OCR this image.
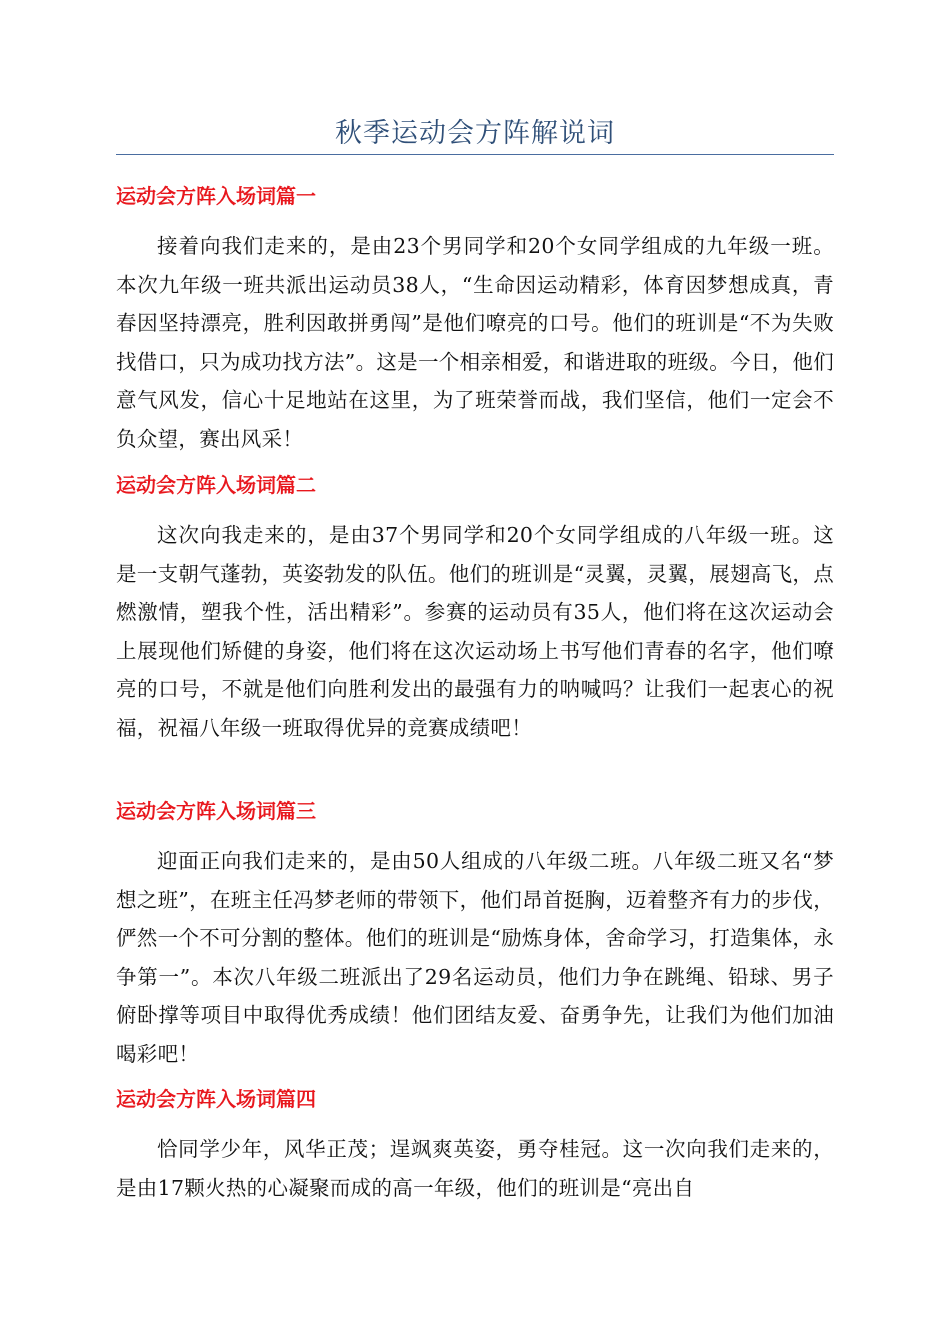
秋季运动会方阵解说词
运动会方阵入场词篇一

接着向我们走来的，是由23个男同学和20个女同学组成的九年级一班。本次九年级一班共派出运动员38人，“生命因运动精彩，体育因梦想成真，青春因坚持漂亮，胜利因敢拼勇闯”是他们嘹亮的口号。他们的班训是“不为失败找借口，只为成功找方法”。这是一个相亲相爱，和谐进取的班级。今日，他们意气风发，信心十足地站在这里，为了班荣誉而战，我们坚信，他们一定会不负众望，赛出风采！

运动会方阵入场词篇二

这次向我走来的，是由37个男同学和20个女同学组成的八年级一班。这是一支朝气蓬勃，英姿勃发的队伍。他们的班训是“灵翼，灵翼，展翅高飞，点燃激情，塑我个性，活出精彩”。参赛的运动员有35人，他们将在这次运动会上展现他们矫健的身姿，他们将在这次运动场上书写他们青春的名字，他们嘹亮的口号，不就是他们向胜利发出的最强有力的呐喊吗？让我们一起衷心的祝福，祝福八年级一班取得优异的竞赛成绩吧！

运动会方阵入场词篇三

迎面正向我们走来的，是由50人组成的八年级二班。八年级二班又名“梦想之班”，在班主任冯梦老师的带领下，他们昂首挺胸，迈着整齐有力的步伐，俨然一个不可分割的整体。他们的班训是“励炼身体，舍命学习，打造集体，永争第一”。本次八年级二班派出了29名运动员，他们力争在跳绳、铅球、男子俯卧撑等项目中取得优秀成绩！他们团结友爱、奋勇争先，让我们为他们加油喝彩吧！

运动会方阵入场词篇四

恰同学少年，风华正茂；逞飒爽英姿，勇夺桂冠。这一次向我们走来的，是由17颗火热的心凝聚而成的高一年级，他们的班训是“亮出自
